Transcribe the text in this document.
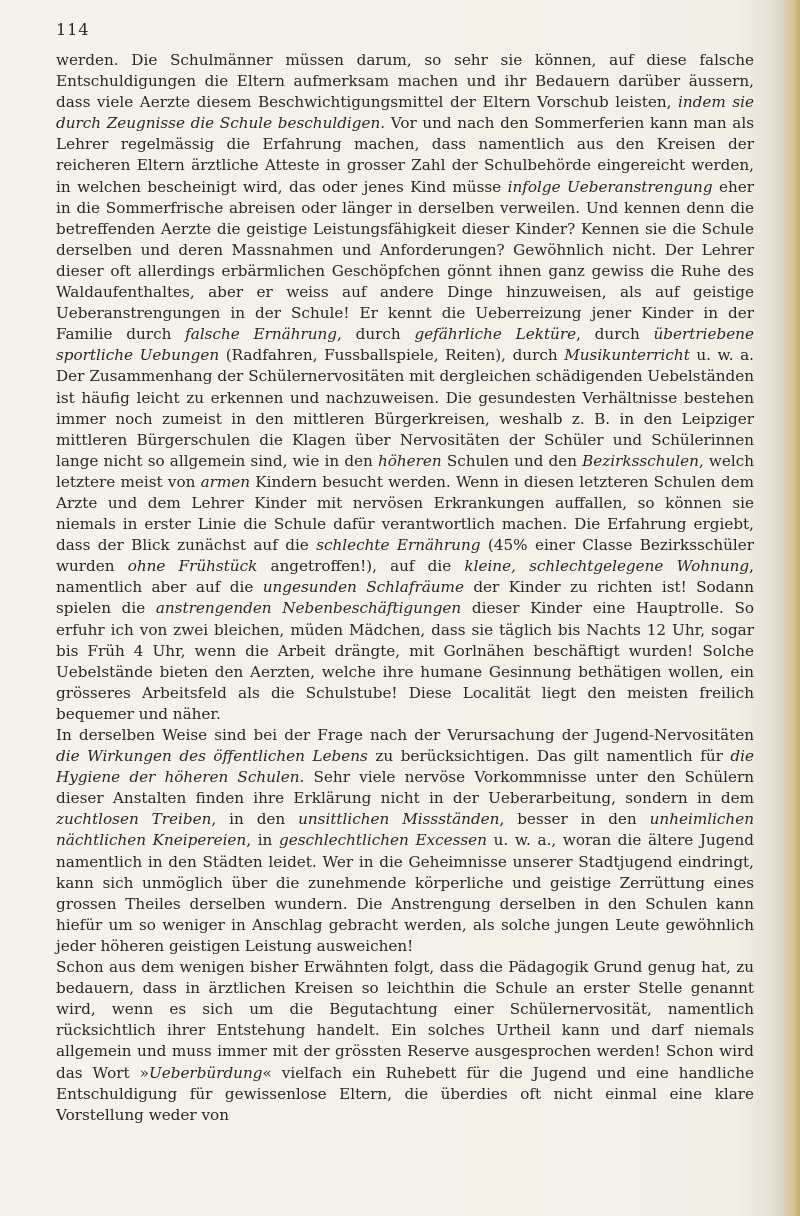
114

werden. Die Schulmänner müssen darum, so sehr sie können, auf diese falsche Entschuldigungen die Eltern aufmerksam machen und ihr Bedauern darüber äussern, dass viele Aerzte diesem Beschwichtigungsmittel der Eltern Vorschub leisten, indem sie durch Zeugnisse die Schule beschuldigen. Vor und nach den Sommerferien kann man als Lehrer regelmässig die Erfahrung machen, dass namentlich aus den Kreisen der reicheren Eltern ärztliche Atteste in grosser Zahl der Schulbehörde eingereicht werden, in welchen bescheinigt wird, das oder jenes Kind müsse infolge Ueberanstrengung eher in die Sommerfrische abreisen oder länger in derselben verweilen. Und kennen denn die betreffenden Aerzte die geistige Leistungsfähigkeit dieser Kinder? Kennen sie die Schule derselben und deren Massnahmen und Anforderungen? Gewöhnlich nicht. Der Lehrer dieser oft allerdings erbärmlichen Geschöpfchen gönnt ihnen ganz gewiss die Ruhe des Waldaufenthaltes, aber er weiss auf andere Dinge hinzuweisen, als auf geistige Ueberanstrengungen in der Schule! Er kennt die Ueberreizung jener Kinder in der Familie durch falsche Ernährung, durch gefährliche Lektüre, durch übertriebene sportliche Uebungen (Radfahren, Fussballspiele, Reiten), durch Musikunterricht u. w. a. Der Zusammenhang der Schülernervositäten mit dergleichen schädigenden Uebelständen ist häufig leicht zu erkennen und nachzuweisen. Die gesundesten Verhältnisse bestehen immer noch zumeist in den mittleren Bürgerkreisen, weshalb z. B. in den Leipziger mittleren Bürgerschulen die Klagen über Nervositäten der Schüler und Schülerinnen lange nicht so allgemein sind, wie in den höheren Schulen und den Bezirksschulen, welch letztere meist von armen Kindern besucht werden. Wenn in diesen letzteren Schulen dem Arzte und dem Lehrer Kinder mit nervösen Erkrankungen auffallen, so können sie niemals in erster Linie die Schule dafür verantwortlich machen. Die Erfahrung ergiebt, dass der Blick zunächst auf die schlechte Ernährung (45% einer Classe Bezirksschüler wurden ohne Frühstück angetroffen!), auf die kleine, schlechtgelegene Wohnung, namentlich aber auf die ungesunden Schlafräume der Kinder zu richten ist! Sodann spielen die anstrengenden Nebenbeschäftigungen dieser Kinder eine Hauptrolle. So erfuhr ich von zwei bleichen, müden Mädchen, dass sie täglich bis Nachts 12 Uhr, sogar bis Früh 4 Uhr, wenn die Arbeit drängte, mit Gorlnähen beschäftigt wurden! Solche Uebelstände bieten den Aerzten, welche ihre humane Gesinnung bethätigen wollen, ein grösseres Arbeitsfeld als die Schulstube! Diese Localität liegt den meisten freilich bequemer und näher.

In derselben Weise sind bei der Frage nach der Verursachung der Jugend-Nervositäten die Wirkungen des öffentlichen Lebens zu berücksichtigen. Das gilt namentlich für die Hygiene der höheren Schulen. Sehr viele nervöse Vorkommnisse unter den Schülern dieser Anstalten finden ihre Erklärung nicht in der Ueberarbeitung, sondern in dem zuchtlosen Treiben, in den unsittlichen Missständen, besser in den unheimlichen nächtlichen Kneipereien, in geschlechtlichen Excessen u. w. a., woran die ältere Jugend namentlich in den Städten leidet. Wer in die Geheimnisse unserer Stadtjugend eindringt, kann sich unmöglich über die zunehmende körperliche und geistige Zerrüttung eines grossen Theiles derselben wundern. Die Anstrengung derselben in den Schulen kann hiefür um so weniger in Anschlag gebracht werden, als solche jungen Leute gewöhnlich jeder höheren geistigen Leistung ausweichen!

Schon aus dem wenigen bisher Erwähnten folgt, dass die Pädagogik Grund genug hat, zu bedauern, dass in ärztlichen Kreisen so leichthin die Schule an erster Stelle genannt wird, wenn es sich um die Begutachtung einer Schülernervosität, namentlich rücksichtlich ihrer Entstehung handelt. Ein solches Urtheil kann und darf niemals allgemein und muss immer mit der grössten Reserve ausgesprochen werden! Schon wird das Wort »Ueberbürdung« vielfach ein Ruhebett für die Jugend und eine handliche Entschuldigung für gewissenlose Eltern, die überdies oft nicht einmal eine klare Vorstellung weder von
